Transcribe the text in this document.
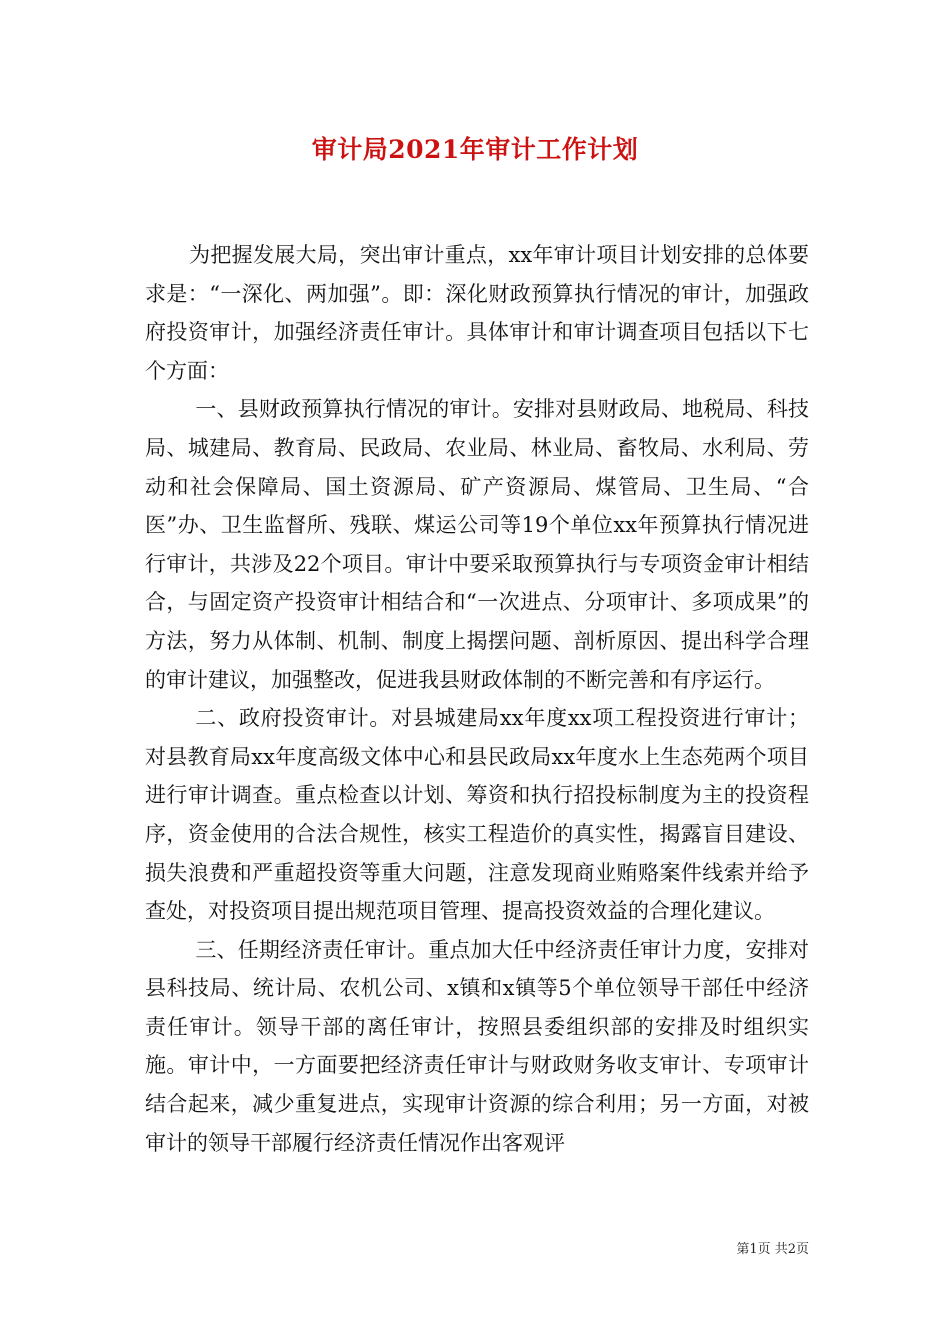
审计局2021年审计工作计划

为把握发展大局，突出审计重点，xx年审计项目计划安排的总体要求是：“一深化、两加强”。即：深化财政预算执行情况的审计，加强政府投资审计，加强经济责任审计。具体审计和审计调查项目包括以下七个方面：

一、县财政预算执行情况的审计。安排对县财政局、地税局、科技局、城建局、教育局、民政局、农业局、林业局、畜牧局、水利局、劳动和社会保障局、国土资源局、矿产资源局、煤管局、卫生局、“合医”办、卫生监督所、残联、煤运公司等19个单位xx年预算执行情况进行审计，共涉及22个项目。审计中要采取预算执行与专项资金审计相结合，与固定资产投资审计相结合和“一次进点、分项审计、多项成果”的方法，努力从体制、机制、制度上揭摆问题、剖析原因、提出科学合理的审计建议，加强整改，促进我县财政体制的不断完善和有序运行。

二、政府投资审计。对县城建局xx年度xx项工程投资进行审计；对县教育局xx年度高级文体中心和县民政局xx年度水上生态苑两个项目进行审计调查。重点检查以计划、筹资和执行招投标制度为主的投资程序，资金使用的合法合规性，核实工程造价的真实性，揭露盲目建设、损失浪费和严重超投资等重大问题，注意发现商业贿赂案件线索并给予查处，对投资项目提出规范项目管理、提高投资效益的合理化建议。

三、任期经济责任审计。重点加大任中经济责任审计力度，安排对县科技局、统计局、农机公司、x镇和x镇等5个单位领导干部任中经济责任审计。领导干部的离任审计，按照县委组织部的安排及时组织实施。审计中，一方面要把经济责任审计与财政财务收支审计、专项审计结合起来，减少重复进点，实现审计资源的综合利用；另一方面，对被审计的领导干部履行经济责任情况作出客观评

第1页 共2页
